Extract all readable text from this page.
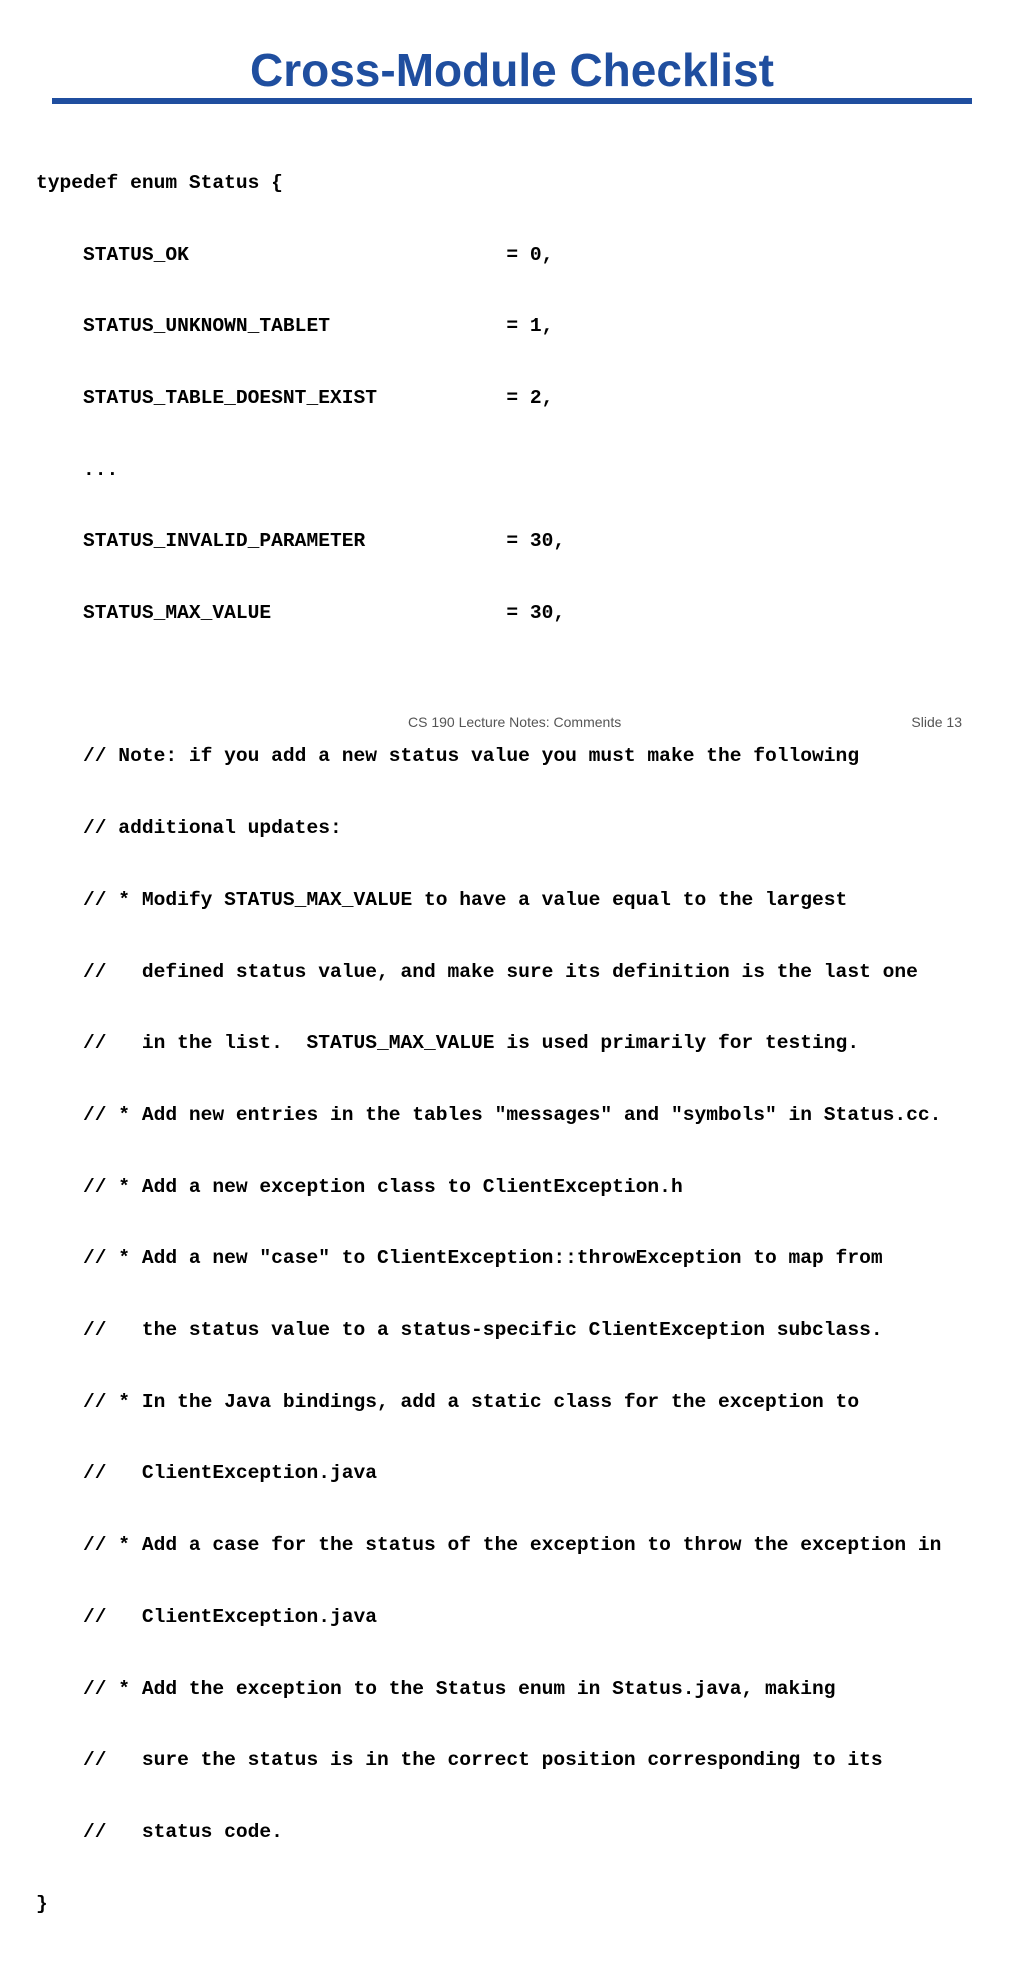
Cross-Module Checklist

typedef enum Status {

STATUS_OK                           = 0,

STATUS_UNKNOWN_TABLET               = 1,

STATUS_TABLE_DOESNT_EXIST           = 2,

...

STATUS_INVALID_PARAMETER            = 30,

STATUS_MAX_VALUE                    = 30,

// Note: if you add a new status value you must make the following

// additional updates:

// * Modify STATUS_MAX_VALUE to have a value equal to the largest

//   defined status value, and make sure its definition is the last one

//   in the list.  STATUS_MAX_VALUE is used primarily for testing.

// * Add new entries in the tables "messages" and "symbols" in Status.cc.

// * Add a new exception class to ClientException.h

// * Add a new "case" to ClientException::throwException to map from

//   the status value to a status-specific ClientException subclass.

// * In the Java bindings, add a static class for the exception to

//   ClientException.java

// * Add a case for the status of the exception to throw the exception in

//   ClientException.java

// * Add the exception to the Status enum in Status.java, making

//   sure the status is in the correct position corresponding to its

//   status code.

}

CS 190 Lecture Notes: Comments	Slide 13
